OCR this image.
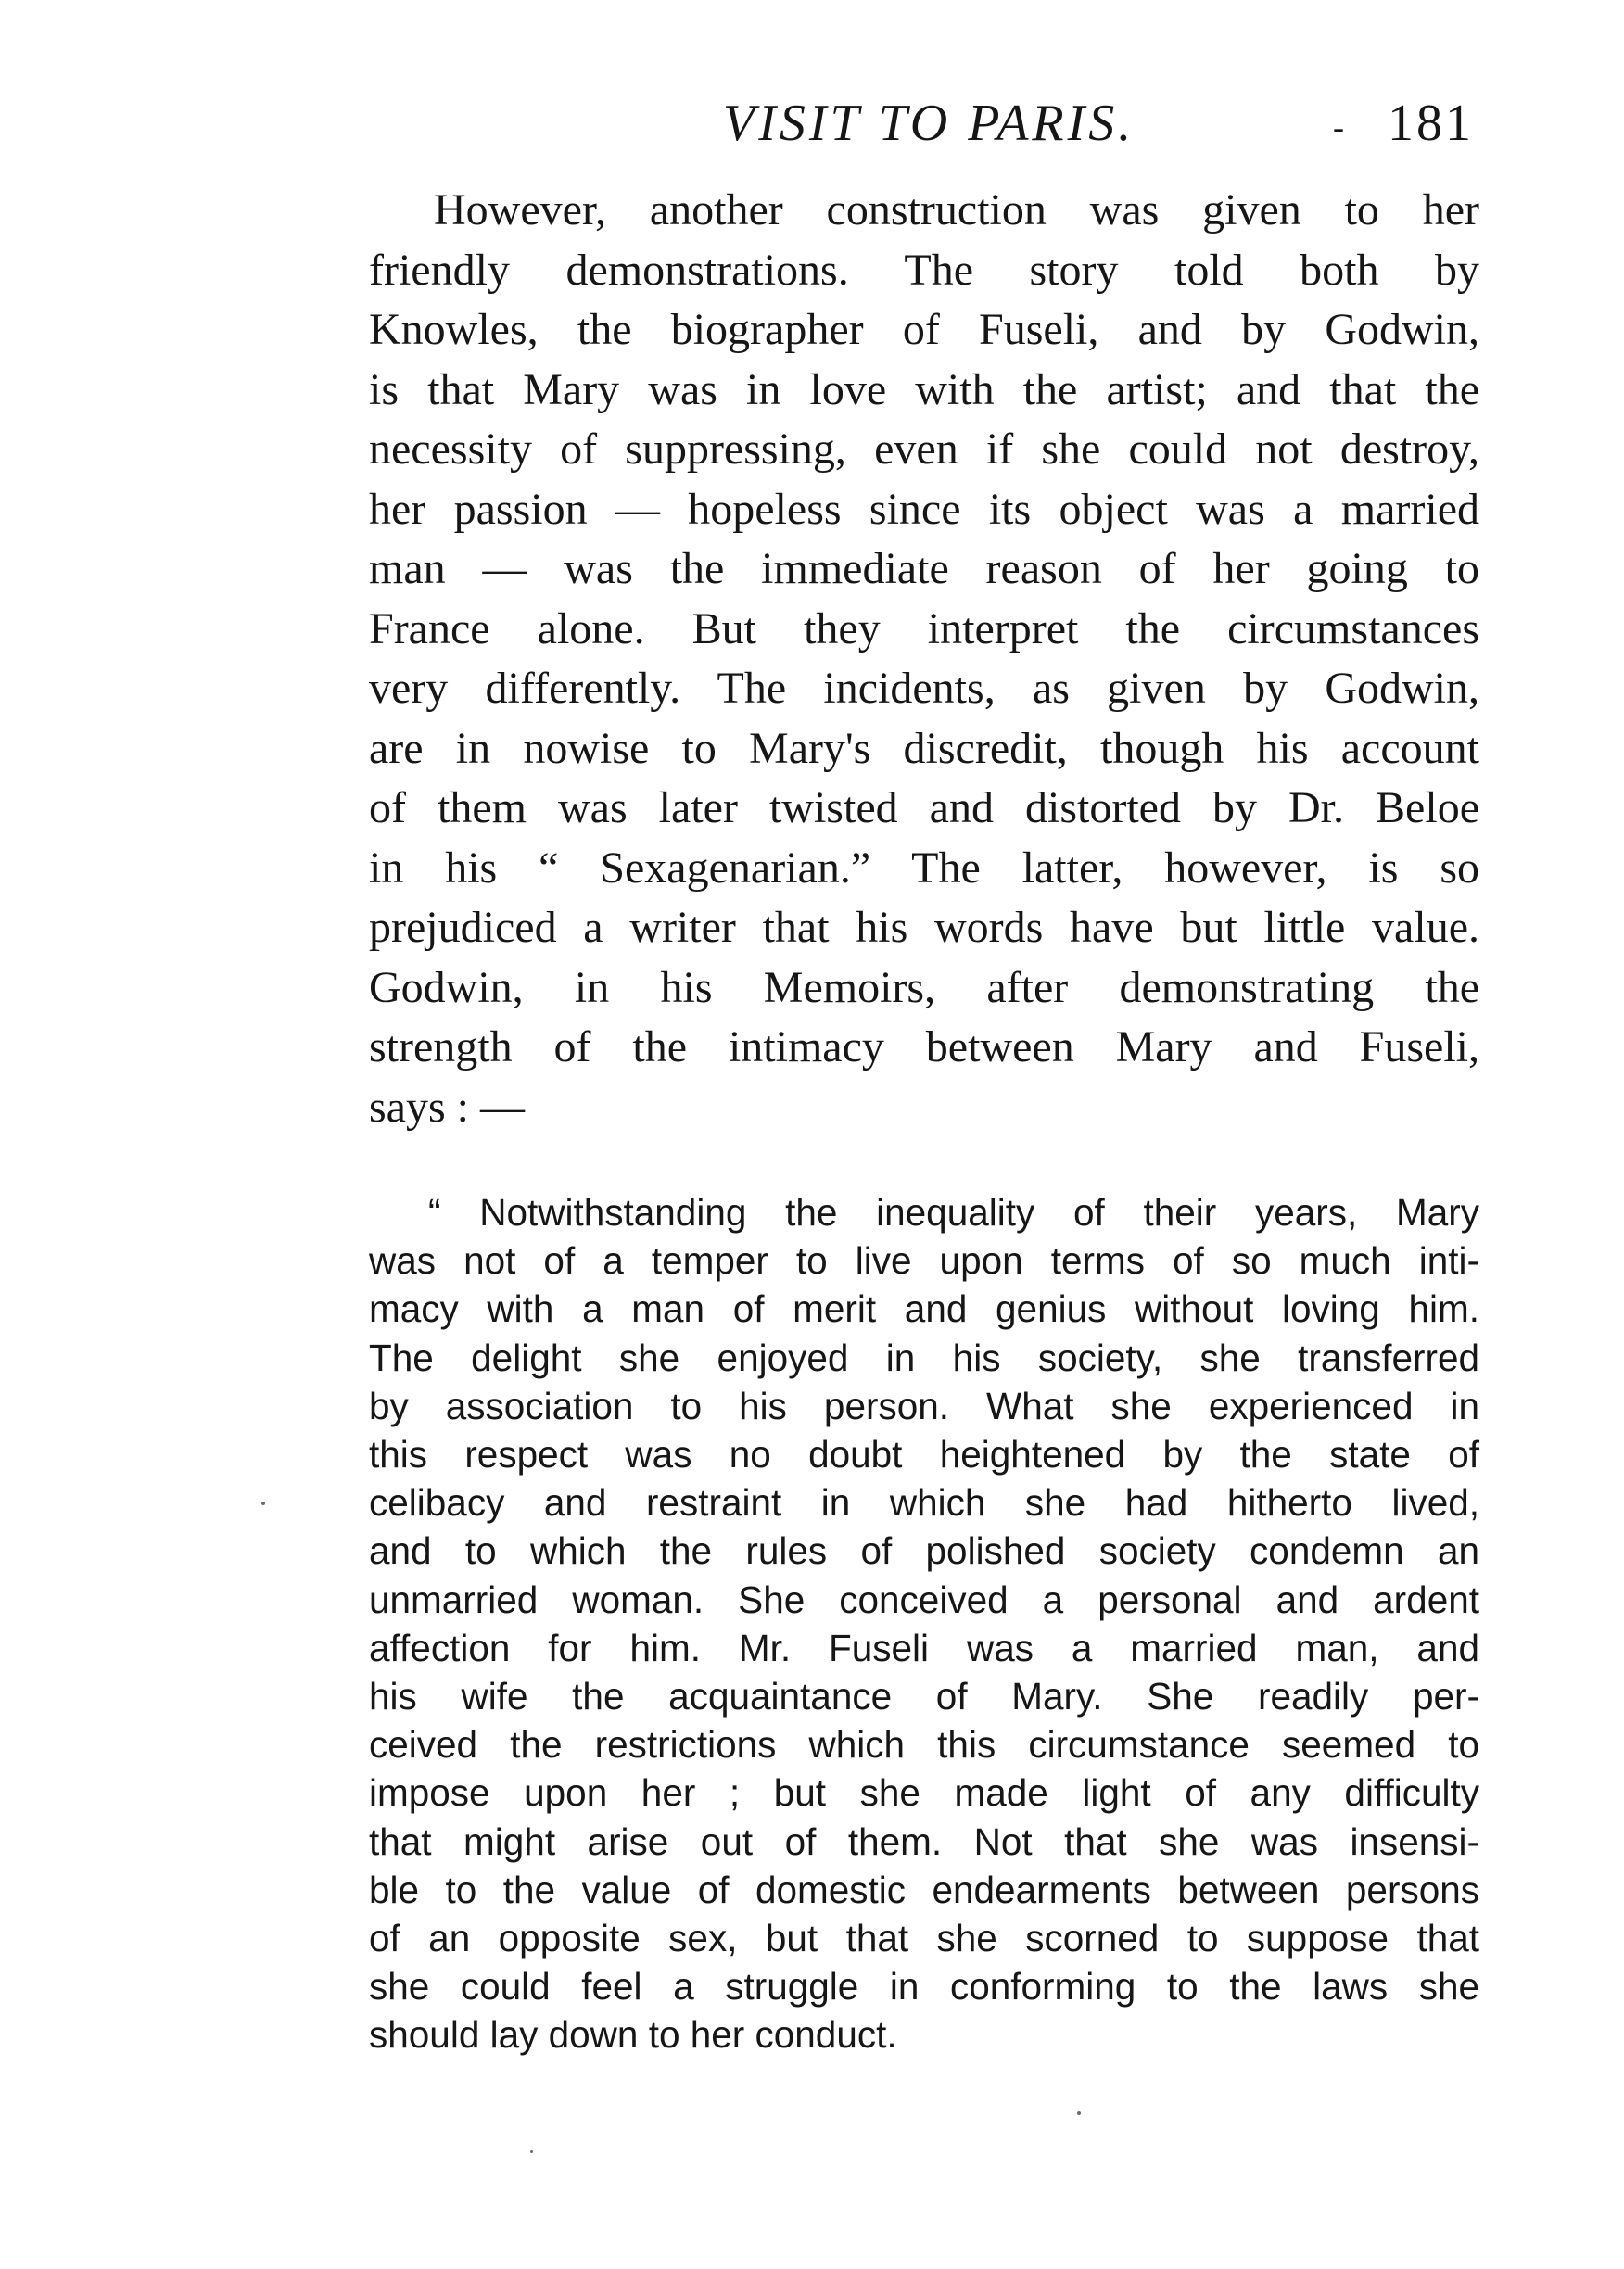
VISIT TO PARIS.	- 181
However, another construction was given to her
friendly demonstrations. The story told both by
Knowles, the biographer of Fuseli, and by Godwin,
is that Mary was in love with the artist; and that the
necessity of suppressing, even if she could not destroy,
her passion — hopeless since its object was a married
man — was the immediate reason of her going to
France alone. But they interpret the circumstances
very differently. The incidents, as given by Godwin,
are in nowise to Mary's discredit, though his account
of them was later twisted and distorted by Dr. Beloe
in his “ Sexagenarian.” The latter, however, is so
prejudiced a writer that his words have but little value.
Godwin, in his Memoirs, after demonstrating the
strength of the intimacy between Mary and Fuseli,
says : —
“ Notwithstanding the inequality of their years, Mary
was not of a temper to live upon terms of so much inti-
macy with a man of merit and genius without loving him.
The delight she enjoyed in his society, she transferred
by association to his person. What she experienced in
this respect was no doubt heightened by the state of
celibacy and restraint in which she had hitherto lived,
and to which the rules of polished society condemn an
unmarried woman. She conceived a personal and ardent
affection for him. Mr. Fuseli was a married man, and
his wife the acquaintance of Mary. She readily per-
ceived the restrictions which this circumstance seemed to
impose upon her ; but she made light of any difficulty
that might arise out of them. Not that she was insensi-
ble to the value of domestic endearments between persons
of an opposite sex, but that she scorned to suppose that
she could feel a struggle in conforming to the laws she
should lay down to her conduct.
